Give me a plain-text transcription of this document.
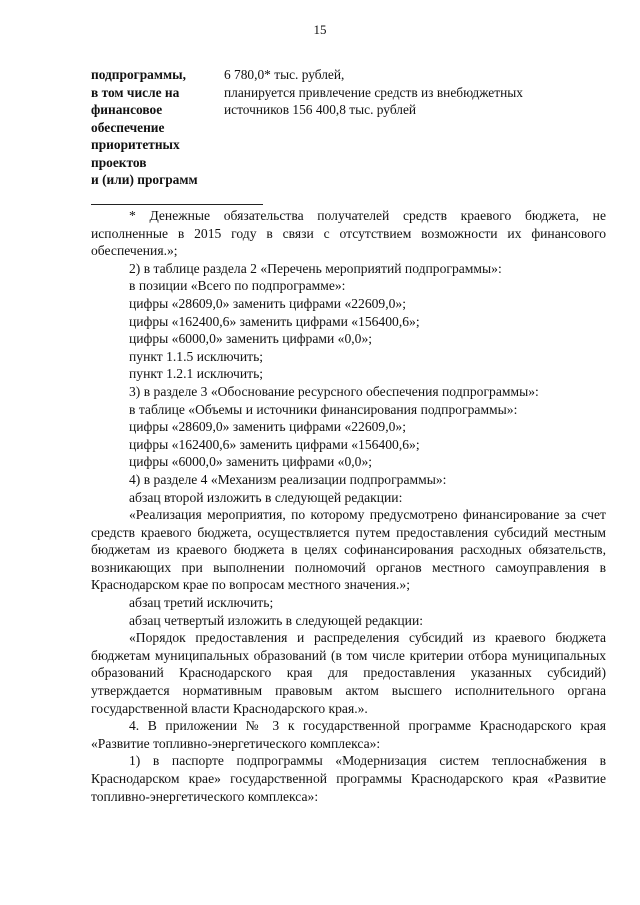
15
подпрограммы,
в том числе на
финансовое
обеспечение
приоритетных
проектов
и (или) программ
6 780,0* тыс. рублей,
планируется привлечение средств из внебюджетных
источников 156 400,8 тыс. рублей

* Денежные обязательства получателей средств краевого бюджета, не исполненные в 2015 году в связи с отсутствием возможности их финансового обеспечения.»;

2) в таблице раздела 2 «Перечень мероприятий подпрограммы»:

в позиции «Всего по подпрограмме»:

цифры «28609,0» заменить цифрами «22609,0»;

цифры «162400,6» заменить цифрами «156400,6»;

цифры «6000,0» заменить цифрами «0,0»;

пункт 1.1.5 исключить;

пункт 1.2.1 исключить;

3) в разделе 3 «Обоснование ресурсного обеспечения подпрограммы»:

в таблице «Объемы и источники финансирования подпрограммы»:

цифры «28609,0» заменить цифрами «22609,0»;

цифры «162400,6» заменить цифрами «156400,6»;

цифры «6000,0» заменить цифрами «0,0»;

4) в разделе 4 «Механизм реализации подпрограммы»:

абзац второй изложить в следующей редакции:

«Реализация мероприятия, по которому предусмотрено финансирование за счет средств краевого бюджета, осуществляется путем предоставления субсидий местным бюджетам из краевого бюджета в целях софинансирования расходных обязательств, возникающих при выполнении полномочий органов местного самоуправления в Краснодарском крае по вопросам местного значения.»;

абзац третий исключить;

абзац четвертый изложить в следующей редакции:

«Порядок предоставления и распределения субсидий из краевого бюджета бюджетам муниципальных образований (в том числе критерии отбора муниципальных образований Краснодарского края для предоставления указанных субсидий) утверждается нормативным правовым актом высшего исполнительного органа государственной власти Краснодарского края.».

4. В приложении № 3 к государственной программе Краснодарского края «Развитие топливно-энергетического комплекса»:

1) в паспорте подпрограммы «Модернизация систем теплоснабжения в Краснодарском крае» государственной программы Краснодарского края «Развитие топливно-энергетического комплекса»:
